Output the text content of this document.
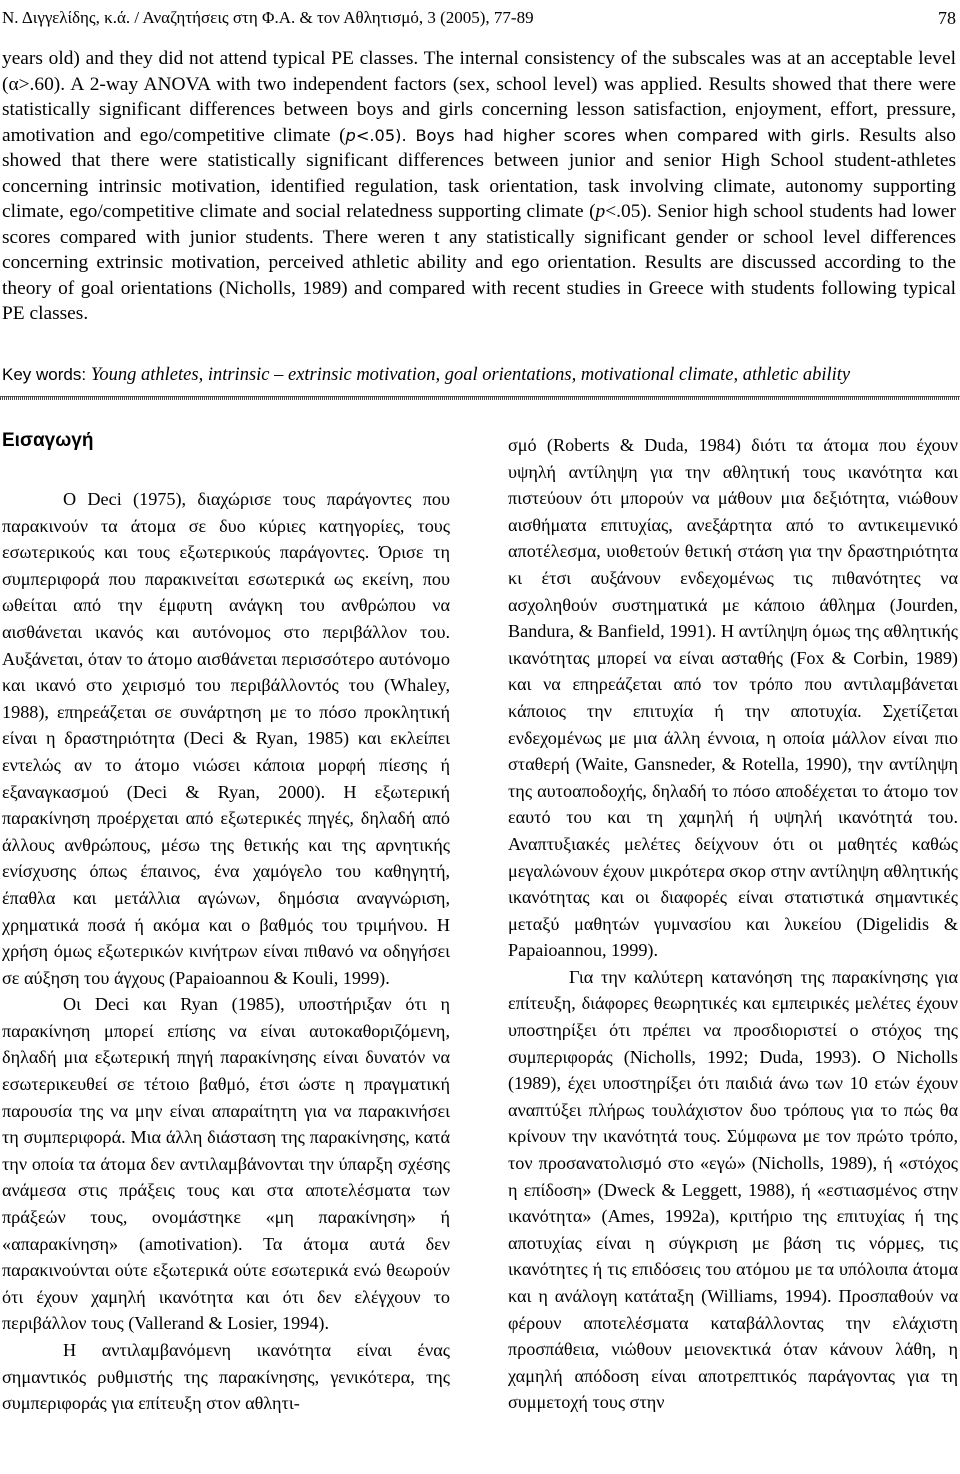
Ν. Διγγελίδης, κ.ά. / Αναζητήσεις στη Φ.Α. & τον Αθλητισμό, 3 (2005), 77-89	78

years old) and they did not attend typical PE classes. The internal consistency of the subscales was at an acceptable level (α>.60). A 2-way ANOVA with two independent factors (sex, school level) was applied. Results showed that there were statistically significant differences between boys and girls concerning lesson satisfaction, enjoyment, effort, pressure, amotivation and ego/competitive climate (p<.05). Boys had higher scores when compared with girls. Results also showed that there were statistically significant differences between junior and senior High School student-athletes concerning intrinsic motivation, identified regulation, task orientation, task involving climate, autonomy supporting climate, ego/competitive climate and social relatedness supporting climate (p<.05). Senior high school students had lower scores compared with junior students. There weren t any statistically significant gender or school level differences concerning extrinsic motivation, perceived athletic ability and ego orientation. Results are discussed according to the theory of goal orientations (Nicholls, 1989) and compared with recent studies in Greece with students following typical PE classes.

Key words: Young athletes, intrinsic – extrinsic motivation, goal orientations, motivational climate, athletic ability
Εισαγωγή

Ο Deci (1975), διαχώρισε τους παράγοντες που παρακινούν τα άτομα σε δυο κύριες κατηγορίες, τους εσωτερικούς και τους εξωτερικούς παράγοντες. Όρισε τη συμπεριφορά που παρακινείται εσωτερικά ως εκείνη, που ωθείται από την έμφυτη ανάγκη του ανθρώπου να αισθάνεται ικανός και αυτόνομος στο περιβάλλον του. Αυξάνεται, όταν το άτομο αισθάνεται περισσότερο αυτόνομο και ικανό στο χειρισμό του περιβάλλοντός του (Whaley, 1988), επηρεάζεται σε συνάρτηση με το πόσο προκλητική είναι η δραστηριότητα (Deci & Ryan, 1985) και εκλείπει εντελώς αν το άτομο νιώσει κάποια μορφή πίεσης ή εξαναγκασμού (Deci & Ryan, 2000). Η εξωτερική παρακίνηση προέρχεται από εξωτερικές πηγές, δηλαδή από άλλους ανθρώπους, μέσω της θετικής και της αρνητικής ενίσχυσης όπως έπαινος, ένα χαμόγελο του καθηγητή, έπαθλα και μετάλλια αγώνων, δημόσια αναγνώριση, χρηματικά ποσά ή ακόμα και ο βαθμός του τριμήνου. Η χρήση όμως εξωτερικών κινήτρων είναι πιθανό να οδηγήσει σε αύξηση του άγχους (Papaioannou & Kouli, 1999).

Οι Deci και Ryan (1985), υποστήριξαν ότι η παρακίνηση μπορεί επίσης να είναι αυτοκαθοριζόμενη, δηλαδή μια εξωτερική πηγή παρακίνησης είναι δυνατόν να εσωτερικευθεί σε τέτοιο βαθμό, έτσι ώστε η πραγματική παρουσία της να μην είναι απαραίτητη για να παρακινήσει τη συμπεριφορά. Μια άλλη διάσταση της παρακίνησης, κατά την οποία τα άτομα δεν αντιλαμβάνονται την ύπαρξη σχέσης ανάμεσα στις πράξεις τους και στα αποτελέσματα των πράξεών τους, ονομάστηκε «μη παρακίνηση» ή «απαρακίνηση» (amotivation). Τα άτομα αυτά δεν παρακινούνται ούτε εξωτερικά ούτε εσωτερικά ενώ θεωρούν ότι έχουν χαμηλή ικανότητα και ότι δεν ελέγχουν το περιβάλλον τους (Vallerand & Losier, 1994).

Η αντιλαμβανόμενη ικανότητα είναι ένας σημαντικός ρυθμιστής της παρακίνησης, γενικότερα, της συμπεριφοράς για επίτευξη στον αθλητι-

σμό (Roberts & Duda, 1984) διότι τα άτομα που έχουν υψηλή αντίληψη για την αθλητική τους ικανότητα και πιστεύουν ότι μπορούν να μάθουν μια δεξιότητα, νιώθουν αισθήματα επιτυχίας, ανεξάρτητα από το αντικειμενικό αποτέλεσμα, υιοθετούν θετική στάση για την δραστηριότητα κι έτσι αυξάνουν ενδεχομένως τις πιθανότητες να ασχοληθούν συστηματικά με κάποιο άθλημα (Jourden, Bandura, & Banfield, 1991). Η αντίληψη όμως της αθλητικής ικανότητας μπορεί να είναι ασταθής (Fox & Corbin, 1989) και να επηρεάζεται από τον τρόπο που αντιλαμβάνεται κάποιος την επιτυχία ή την αποτυχία. Σχετίζεται ενδεχομένως με μια άλλη έννοια, η οποία μάλλον είναι πιο σταθερή (Waite, Gansneder, & Rotella, 1990), την αντίληψη της αυτοαποδοχής, δηλαδή το πόσο αποδέχεται το άτομο τον εαυτό του και τη χαμηλή ή υψηλή ικανότητά του. Αναπτυξιακές μελέτες δείχνουν ότι οι μαθητές καθώς μεγαλώνουν έχουν μικρότερα σκορ στην αντίληψη αθλητικής ικανότητας και οι διαφορές είναι στατιστικά σημαντικές μεταξύ μαθητών γυμνασίου και λυκείου (Digelidis & Papaioannou, 1999).

Για την καλύτερη κατανόηση της παρακίνησης για επίτευξη, διάφορες θεωρητικές και εμπειρικές μελέτες έχουν υποστηρίξει ότι πρέπει να προσδιοριστεί ο στόχος της συμπεριφοράς (Nicholls, 1992; Duda, 1993). Ο Nicholls (1989), έχει υποστηρίξει ότι παιδιά άνω των 10 ετών έχουν αναπτύξει πλήρως τουλάχιστον δυο τρόπους για το πώς θα κρίνουν την ικανότητά τους. Σύμφωνα με τον πρώτο τρόπο, τον προσανατολισμό στο «εγώ» (Nicholls, 1989), ή «στόχος η επίδοση» (Dweck & Leggett, 1988), ή «εστιασμένος στην ικανότητα» (Ames, 1992a), κριτήριο της επιτυχίας ή της αποτυχίας είναι η σύγκριση με βάση τις νόρμες, τις ικανότητες ή τις επιδόσεις του ατόμου με τα υπόλοιπα άτομα και η ανάλογη κατάταξη (Williams, 1994). Προσπαθούν να φέρουν αποτελέσματα καταβάλλοντας την ελάχιστη προσπάθεια, νιώθουν μειονεκτικά όταν κάνουν λάθη, η χαμηλή απόδοση είναι αποτρεπτικός παράγοντας για τη συμμετοχή τους στην
